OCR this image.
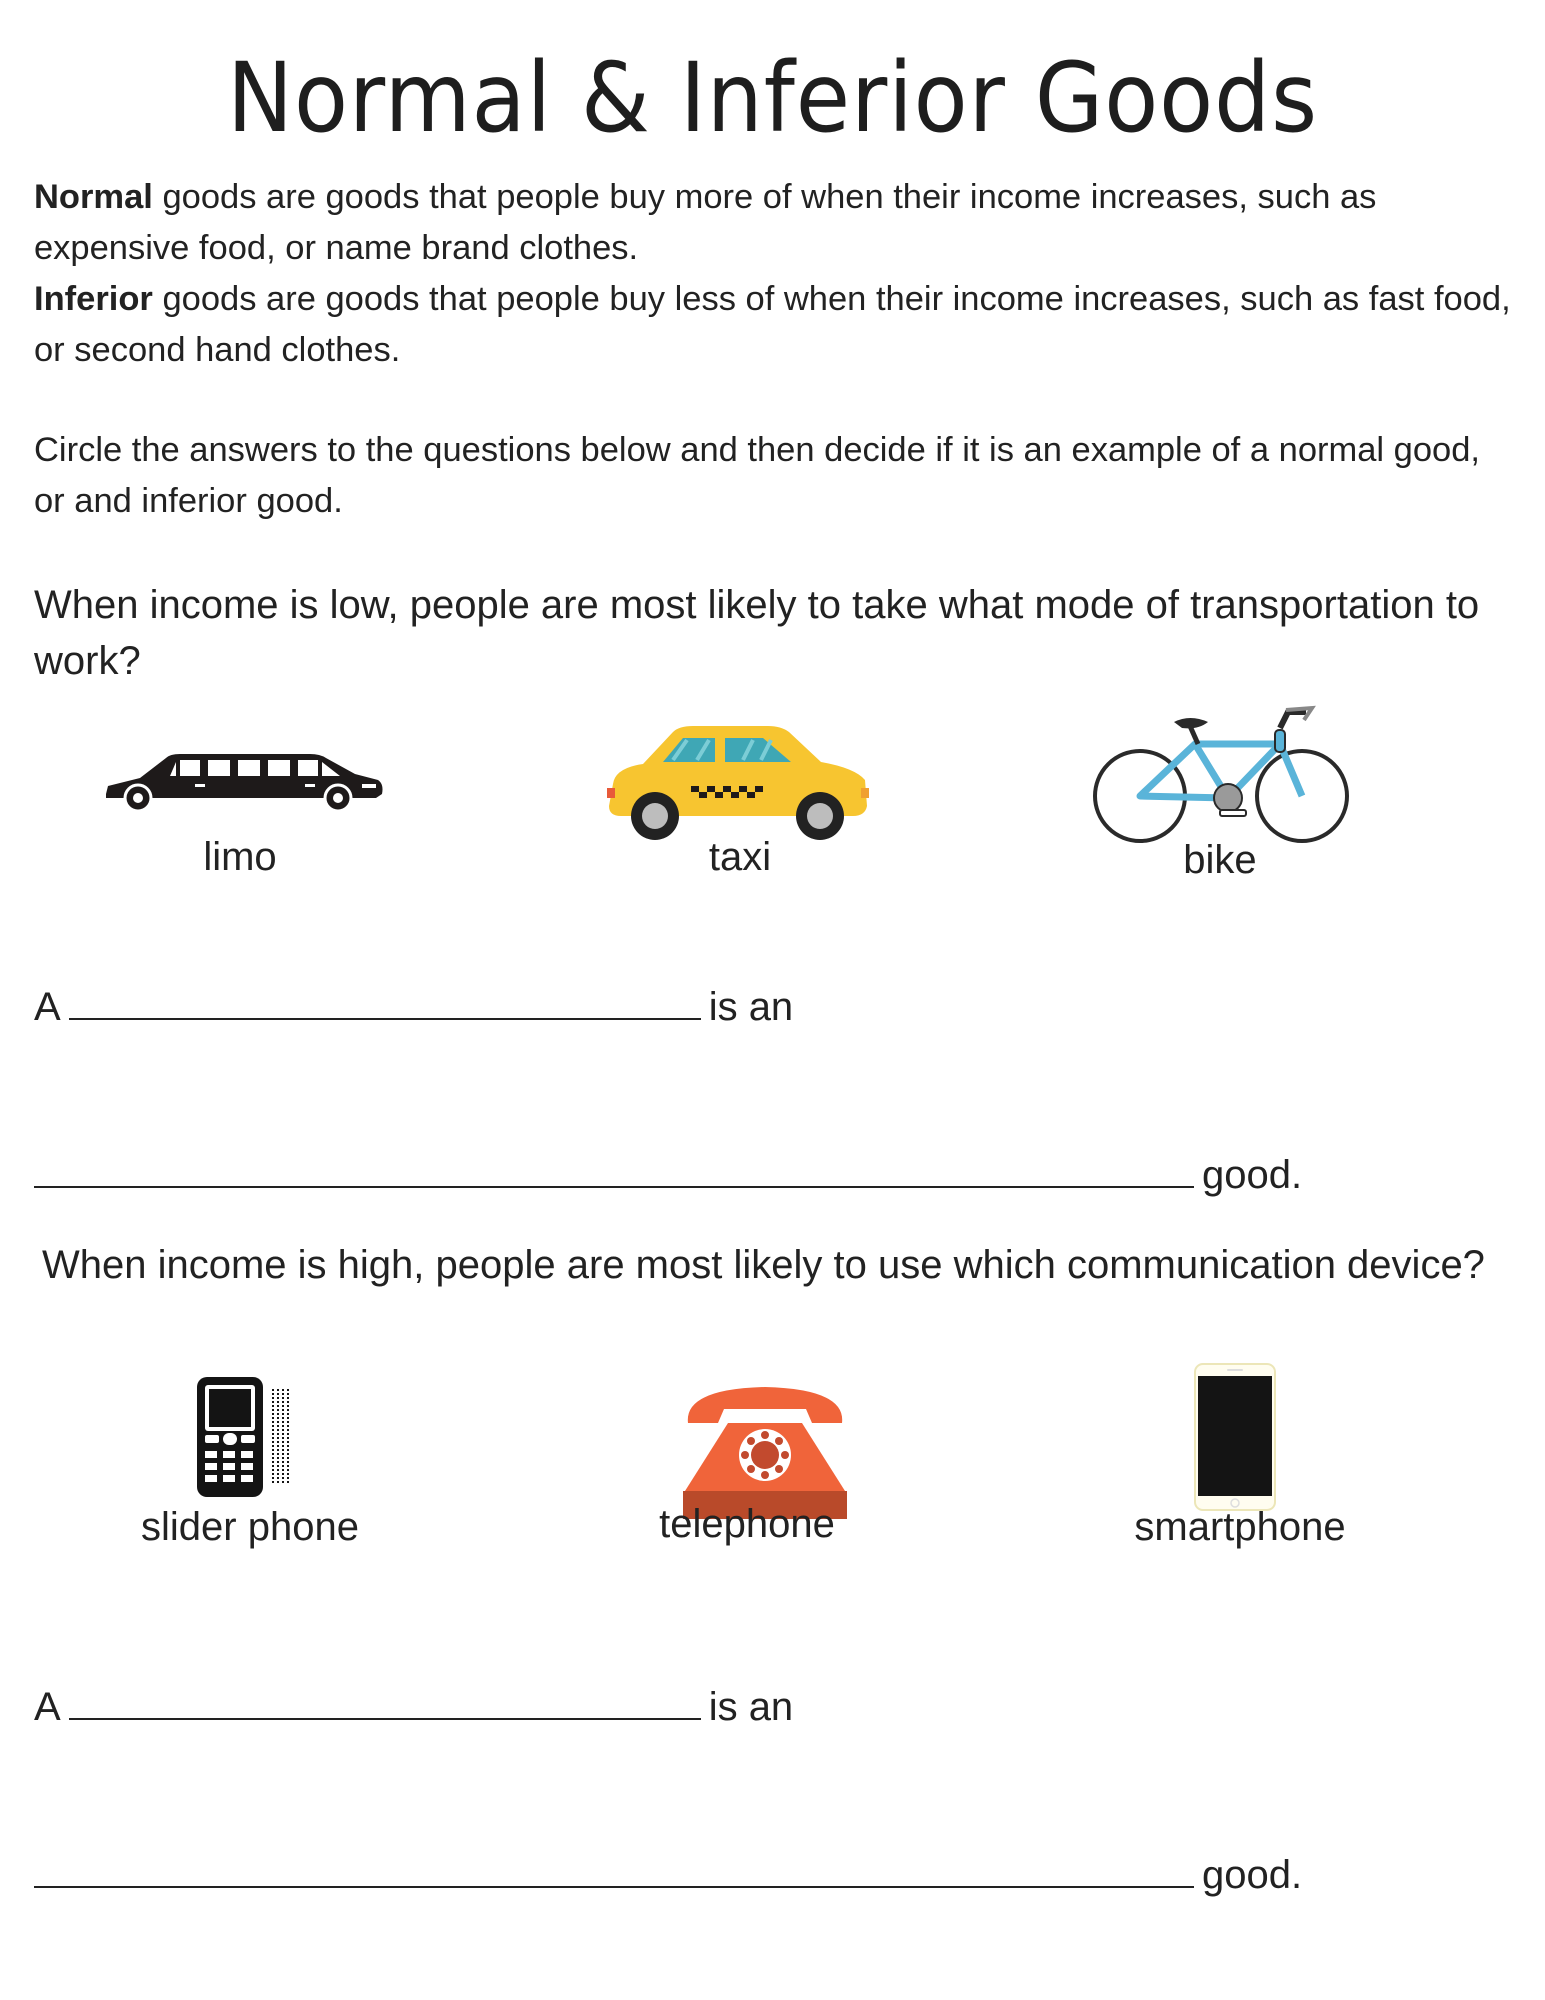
Normal & Inferior Goods

Normal goods are goods that people buy more of when their income increases, such as expensive food, or name brand clothes.

Inferior goods are goods that people buy less of when their income increases, such as fast food, or second hand clothes.

Circle the answers to the questions below and then decide if it is an example of a normal good, or and inferior good.

When income is low, people are most likely to take what mode of transportation to work?

limo	taxi	bike
A	is an
good.

When income is high, people are most likely to use which communication device?

slider phone	telephone	smartphone
A	is an
good.
